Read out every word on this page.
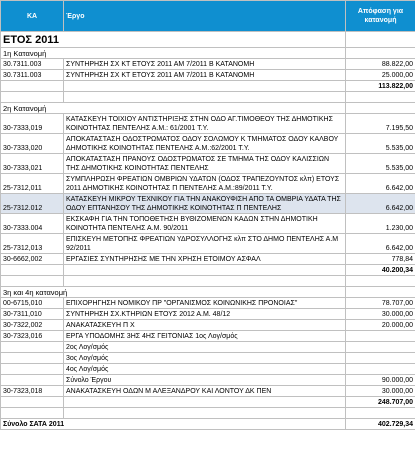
ΚΑ	Έργο	Απόφαση για κατανομή
ΕΤΟΣ 2011		
1η Κατανομή		
30.7311.003	ΣΥΝΤΗΡΗΣΗ ΣΧ ΚΤ ΕΤΟΥΣ 2011 ΑΜ 7/2011 Β ΚΑΤΑΝΟΜΗ	88.822,00
30.7311.003	ΣΥΝΤΗΡΗΣΗ ΣΧ ΚΤ ΕΤΟΥΣ 2011 ΑΜ 7/2011 Β ΚΑΤΑΝΟΜΗ	25.000,00
		113.822,00

2η Κατανομή		
30-7333,019	ΚΑΤΑΣΚΕΥΗ ΤΟΙΧΙΟΥ ΑΝΤΙΣΤΗΡΙΞΗΣ ΣΤΗΝ ΟΔΟ ΑΓ.ΤΙΜΟΘΕΟΥ ΤΗΣ ΔΗΜΟΤΙΚΗΣ ΚΟΙΝΟΤΗΤΑΣ ΠΕΝΤΕΛΗΣ Α.Μ.: 61/2001 Τ.Υ.	7.195,50
30-7333,020	ΑΠΟΚΑΤΑΣΤΑΣΗ ΟΔΟΣΤΡΩΜΑΤΟΣ ΟΔΟΥ ΣΟΛΩΜΟΥ Κ ΤΜΗΜΑΤΟΣ ΟΔΟΥ ΚΑΛΒΟΥ ΔΗΜΟΤΙΚΗΣ ΚΟΙΝΟΤΗΤΑΣ ΠΕΝΤΕΛΗΣ Α.Μ.:62/2001 Τ.Υ.	5.535,00
30-7333,021	ΑΠΟΚΑΤΑΣΤΑΣΗ ΠΡΑΝΟΥΣ ΟΔΟΣΤΡΩΜΑΤΟΣ ΣΕ ΤΜΗΜΑ ΤΗΣ ΟΔΟΥ ΚΑΛΙΣΣΙΩΝ ΤΗΣ ΔΗΜΟΤΙΚΗΣ ΚΟΙΝΟΤΗΤΑΣ ΠΕΝΤΕΛΗΣ	5.535,00
25-7312,011	ΣΥΜΠΛΗΡΩΣΗ ΦΡΕΑΤΙΩΝ ΟΜΒΡΙΩΝ ΥΔΑΤΩΝ (ΟΔΟΣ ΤΡΑΠΕΖΟΥΝΤΟΣ κλπ) ΕΤΟΥΣ 2011 ΔΗΜΟΤΙΚΗΣ ΚΟΙΝΟΤΗΤΑΣ Π ΠΕΝΤΕΛΗΣ Α.Μ.:89/2011 Τ.Υ.	6.642,00
25-7312.012	ΚΑΤΑΣΚΕΥΗ ΜΙΚΡΟΥ ΤΕΧΝΙΚΟΥ ΓΙΑ ΤΗΝ ΑΝΑΚΟΥΦΙΣΗ ΑΠΟ ΤΑ ΟΜΒΡΙΑ ΥΔΑΤΑ ΤΗΣ ΟΔΟΥ ΕΠΤΑΝΗΣΟΥ ΤΗΣ ΔΗΜΟΤΙΚΗΣ ΚΟΙΝΟΤΗΤΑΣ Π ΠΕΝΤΕΛΗΣ	6.642,00
30-7333.004	ΕΚΣΚΑΦΗ ΓΙΑ ΤΗΝ ΤΟΠΟΘΕΤΗΣΗ ΒΥΘΙΖΟΜΕΝΩΝ ΚΑΔΩΝ ΣΤΗΝ ΔΗΜΟΤΙΚΗ ΚΟΙΝΟΤΗΤΑ ΠΕΝΤΕΛΗΣ Α.Μ. 90/2011	1.230,00
25-7312,013	ΕΠΙΣΚΕΥΗ ΜΕΤΟΠΗΣ ΦΡΕΑΤΙΩΝ ΥΔΡΟΣΥΛΛΟΓΗΣ κλπ ΣΤΟ ΔΗΜΟ ΠΕΝΤΕΛΗΣ Α.Μ 92/2011	6.642,00
30-6662,002	ΕΡΓΑΣΙΕΣ ΣΥΝΤΗΡΗΣΗΣ ΜΕ ΤΗΝ ΧΡΗΣΗ ΕΤΟΙΜΟΥ ΑΣΦΑΛ	778,84
		40.200,34

3η και 4η κατανομή		
00-6715,010	ΕΠΙΧΟΡΗΓΗΣΗ ΝΟΜΙΚΟΥ ΠΡ "ΟΡΓΑΝΙΣΜΟΣ ΚΟΙΝΩΝΙΚΗΣ ΠΡΟΝΟΙΑΣ"	78.707,00
30-7311,010	ΣΥΝΤΗΡΗΣΗ ΣΧ.ΚΤΗΡΙΩΝ ΕΤΟΥΣ 2012 Α.Μ. 48/12	30.000,00
30-7322,002	ΑΝΑΚΑΤΑΣΚΕΥΗ Π Χ	20.000,00
30-7323,016	ΕΡΓΑ ΥΠΟΔΟΜΗΣ 3ΗΣ 4ΗΣ ΓΕΙΤΟΝΙΑΣ 1ος Λογ/σμός	
	2ος Λογ/σμός	
	3ος Λογ/σμός	
	4ος Λογ/σμός	
	Σύνολο Έργου	90.000,00
30-7323,018	ΑΝΑΚΑΤΑΣΚΕΥΗ ΟΔΩΝ Μ ΑΛΕΞΑΝΔΡΟΥ ΚΑΙ ΛΟΝΤΟΥ ΔΚ ΠΕΝ	30.000,00
		248.707,00

Σύνολο ΣΑΤΑ 2011		402.729,34
